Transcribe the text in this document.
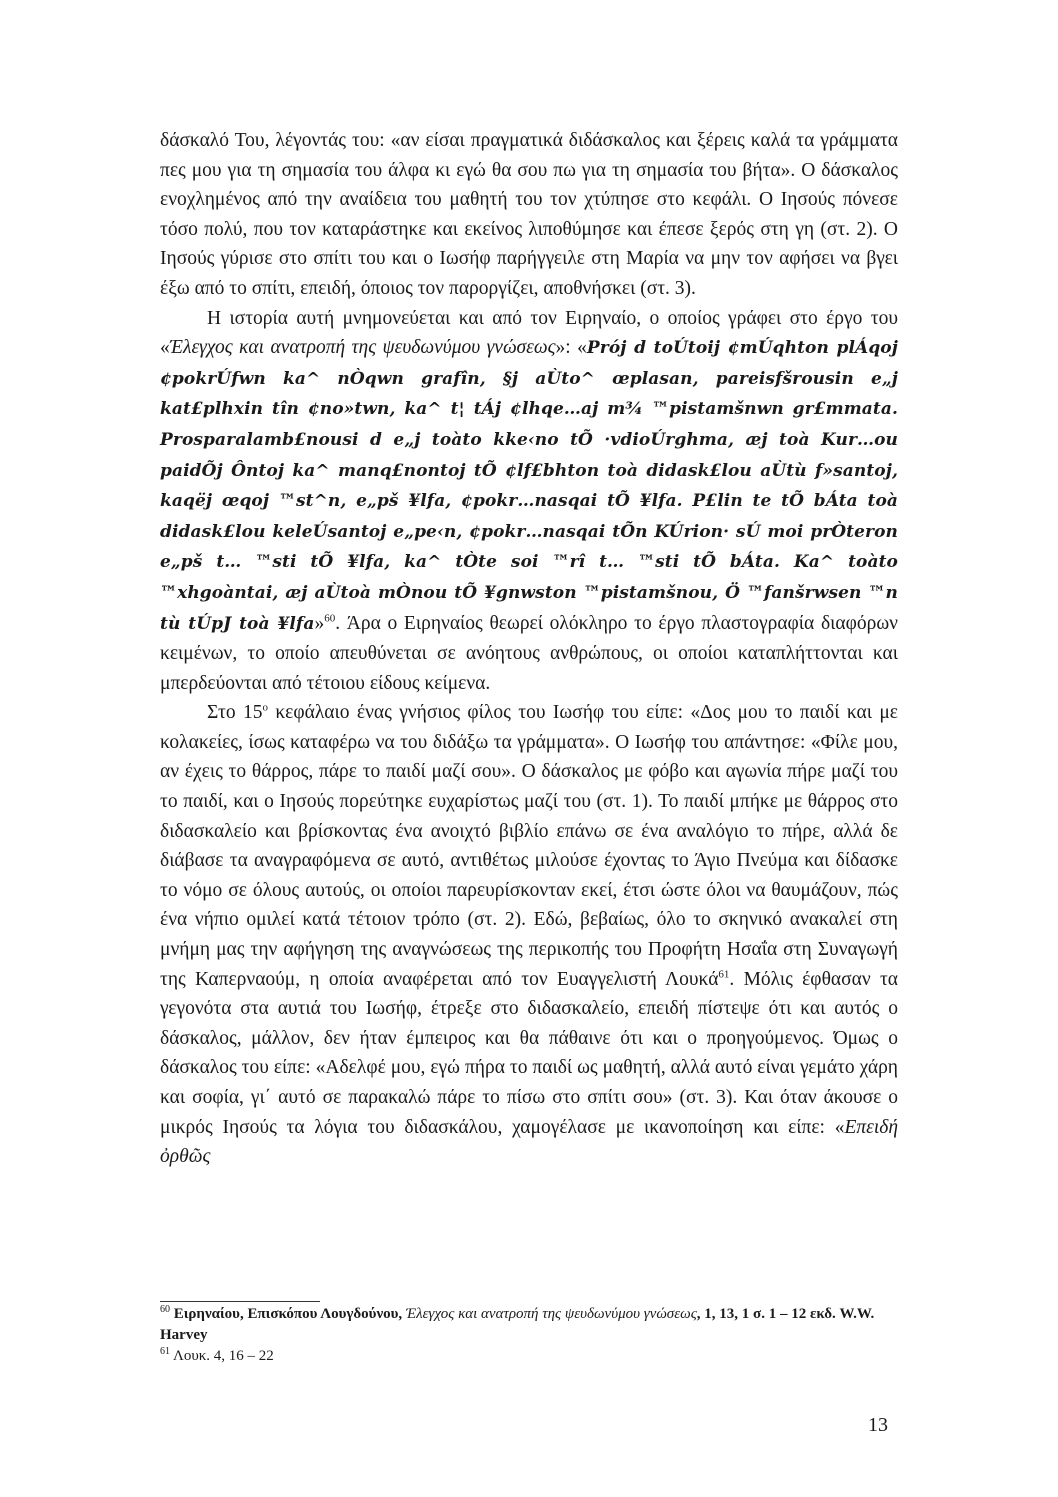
δάσκαλό Του, λέγοντάς του: «αν είσαι πραγματικά διδάσκαλος και ξέρεις καλά τα γράμματα πες μου για τη σημασία του άλφα κι εγώ θα σου πω για τη σημασία του βήτα». Ο δάσκαλος ενοχλημένος από την αναίδεια του μαθητή του τον χτύπησε στο κεφάλι. Ο Ιησούς πόνεσε τόσο πολύ, που τον καταράστηκε και εκείνος λιποθύμησε και έπεσε ξερός στη γη (στ. 2). Ο Ιησούς γύρισε στο σπίτι του και ο Ιωσήφ παρήγγειλε στη Μαρία να μην τον αφήσει να βγει έξω από το σπίτι, επειδή, όποιος τον παρoργίζει, αποθνήσκει (στ. 3).

Η ιστορία αυτή μνημονεύεται και από τον Ειρηναίο, ο οποίος γράφει στο έργο του «Έλεγχος και ανατροπή της ψευδωνύμου γνώσεως»: «Prόj d toÚtoij ¢mÚqhton plÁqoj ¢pokrÚfwn ka^ nÒqwn grafîn, §j aÙto^ œplasan, pareisfšrousin e„j kat£plhxin tîn ¢no»twn, ka^ t¦ tÁj ¢lhqe…aj m¾ ™pistamšnwn gr£mmata. Prosparalamb£nousi d e„j toàto kke‹no tÕ ·vdioÚrghma, æj toà Kur…ou paidÕj Ôntoj ka^ manq£nontoj tÕ ¢lf£bhton toà didask£lou aÙtù f»santoj, kaqëj œqoj ™st^n, e„pš ¥lfa, ¢pokr…nasqai tÕ ¥lfa. P£lin te tÕ bÁta toà didask£lou keleÚsantoj e„pe‹n, ¢pokr…nasqai tÕn KÚrion· sÚ moi prÒteron e„pš t… ™sti tÕ ¥lfa, ka^ tÒte soi ™rî t… ™sti tÕ bÁta. Ka^ toàto ™xhgoàntai, æj aÙtoà mÒnou tÕ ¥gnwston ™pistamšnou, Ö ™fanšrwsen ™n tù tÚpJ toà ¥lfa»$^{60}$. Άρα ο Ειρηναίος θεωρεί ολόκληρο το έργο πλαστογραφία διαφόρων κειμένων, το οποίο απευθύνεται σε ανόητους ανθρώπους, οι οποίοι καταπλήττονται και μπερδεύονται από τέτοιου είδους κείμενα.

Στο $15^o$ κεφάλαιο ένας γνήσιος φίλος του Ιωσήφ του είπε: «Δος μου το παιδί και με κολακείες, ίσως καταφέρω να του διδάξω τα γράμματα». Ο Ιωσήφ του απάντησε: «Φίλε μου, αν έχεις το θάρρος, πάρε το παιδί μαζί σου». Ο δάσκαλος με φόβο και αγωνία πήρε μαζί του το παιδί, και ο Ιησούς πορεύτηκε ευχαρίστως μαζί του (στ. 1). Το παιδί μπήκε με θάρρος στο διδασκαλείο και βρίσκοντας ένα ανοιχτό βιβλίο επάνω σε ένα αναλόγιο το πήρε, αλλά δε διάβασε τα αναγραφόμενα σε αυτό, αντιθέτως μιλούσε έχοντας το Άγιο Πνεύμα και δίδασκε το νόμο σε όλους αυτούς, οι οποίοι παρευρίσκονταν εκεί, έτσι ώστε όλοι να θαυμάζουν, πώς ένα νήπιο ομιλεί κατά τέτοιον τρόπο (στ. 2). Εδώ, βεβαίως, όλο το σκηνικό ανακαλεί στη μνήμη μας την αφήγηση της αναγνώσεως της περικοπής του Προφήτη Ησαΐα στη Συναγωγή της Καπερναούμ, η οποία αναφέρεται από τον Ευαγγελιστή Λουκά$^{61}$. Μόλις έφθασαν τα γεγονότα στα αυτιά του Ιωσήφ, έτρεξε στο διδασκαλείο, επειδή πίστεψε ότι και αυτός ο δάσκαλος, μάλλον, δεν ήταν έμπειρος και θα πάθαινε ότι και ο προηγούμενος. Όμως ο δάσκαλος του είπε: «Αδελφέ μου, εγώ πήρα το παιδί ως μαθητή, αλλά αυτό είναι γεμάτο χάρη και σοφία, γι΄ αυτό σε παρακαλώ πάρε το πίσω στο σπίτι σου» (στ. 3). Και όταν άκουσε ο μικρός Ιησούς τα λόγια του διδασκάλου, χαμογέλασε με ικανοποίηση και είπε: «Επειδή ὀρθῶς

$^{60}$ Ειρηναίου, Επισκόπου Λουγδούνου, Έλεγχος και ανατροπή της ψευδωνύμου γνώσεως, 1, 13, 1 σ. 1 – 12 εκδ. W.W. Harvey

$^{61}$ Λουκ. 4, 16 – 22

13
